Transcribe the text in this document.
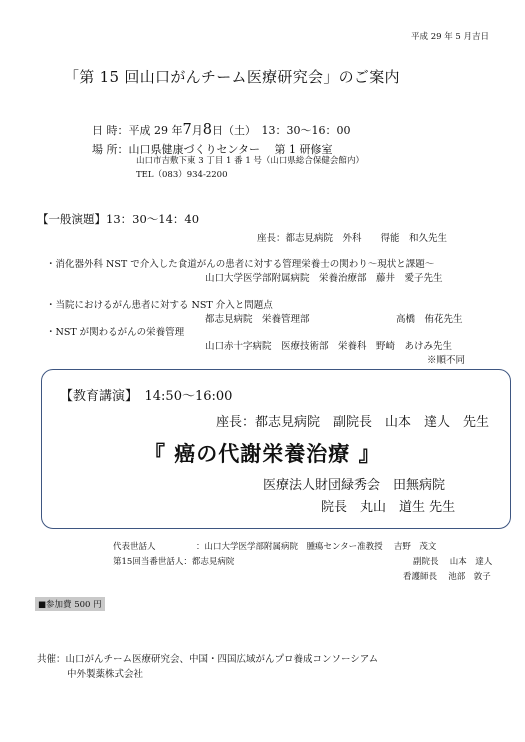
平成 29 年 5 月吉日
「第 15 回山口がんチーム医療研究会」のご案内
日 時：平成 29 年7月8日（土）　13：30〜16：00
場 所：山口県健康づくりセンター　 第 1 研修室
山口市吉敷下東 3 丁目 1 番 1 号（山口県総合保健会館内）
TEL（083）934-2200
【一般演題】13：30〜14：40
座長：都志見病院　外科　　得能　和久先生
・消化器外科 NST で介入した食道がんの患者に対する管理栄養士の関わり〜現状と課題〜
山口大学医学部附属病院　栄養治療部　藤井　愛子先生
・当院におけるがん患者に対する NST 介入と問題点
都志見病院　栄養管理部	高橋　侑花先生
・NST が関わるがんの栄養管理
山口赤十字病院　医療技術部　栄養科　野崎　あけみ先生
※順不同
【教育講演】　14:50〜16:00
座長：都志見病院　副院長　山本　達人　先生
『 癌の代謝栄養治療 』
医療法人財団緑秀会　田無病院
院長　丸山　道生 先生
代表世話人	：山口大学医学部附属病院　腫瘍センター准教授　 吉野　茂文
第15回当番世話人：都志見病院	副院長　 山本　達人
看護師長　 池部　敦子
■参加費 500 円
共催：山口がんチーム医療研究会、中国・四国広域がんプロ養成コンソーシアム
中外製薬株式会社
